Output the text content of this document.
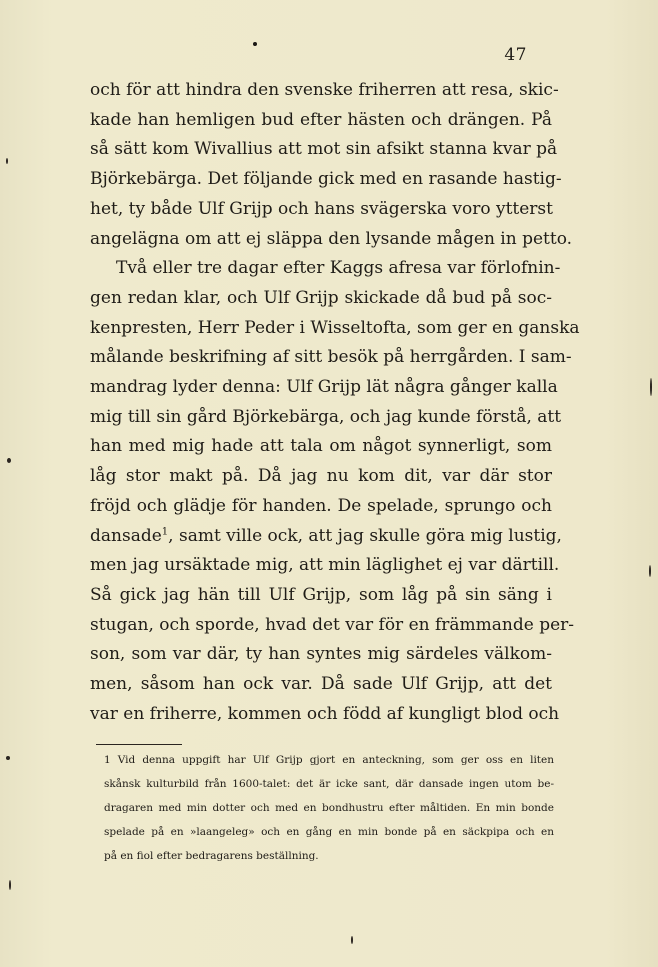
47
och för att hindra den svenske friherren att resa, skic-
kade han hemligen bud efter hästen och drängen. På
så sätt kom Wivallius att mot sin afsikt stanna kvar på
Björkebärga. Det följande gick med en rasande hastig-
het, ty både Ulf Grijp och hans svägerska voro ytterst
angelägna om att ej släppa den lysande mågen in petto.
Två eller tre dagar efter Kaggs afresa var förlofnin-
gen redan klar, och Ulf Grijp skickade då bud på soc-
kenpresten, Herr Peder i Wisseltofta, som ger en ganska
målande beskrifning af sitt besök på herrgården. I sam-
mandrag lyder denna: Ulf Grijp lät några gånger kalla
mig till sin gård Björkebärga, och jag kunde förstå, att
han med mig hade att tala om något synnerligt, som
låg stor makt på. Då jag nu kom dit, var där stor
fröjd och glädje för handen. De spelade, sprungo och
dansade$^1$, samt ville ock, att jag skulle göra mig lustig,
men jag ursäktade mig, att min läglighet ej var därtill.
Så gick jag hän till Ulf Grijp, som låg på sin säng i
stugan, och sporde, hvad det var för en främmande per-
son, som var där, ty han syntes mig särdeles välkom-
men, såsom han ock var. Då sade Ulf Grijp, att det
var en friherre, kommen och född af kungligt blod och
1 Vid denna uppgift har Ulf Grijp gjort en anteckning, som ger oss en liten
skånsk kulturbild från 1600-talet: det är icke sant, där dansade ingen utom be-
dragaren med min dotter och med en bondhustru efter måltiden. En min bonde
spelade på en »laangeleg» och en gång en min bonde på en säckpipa och en
på en fiol efter bedragarens beställning.
